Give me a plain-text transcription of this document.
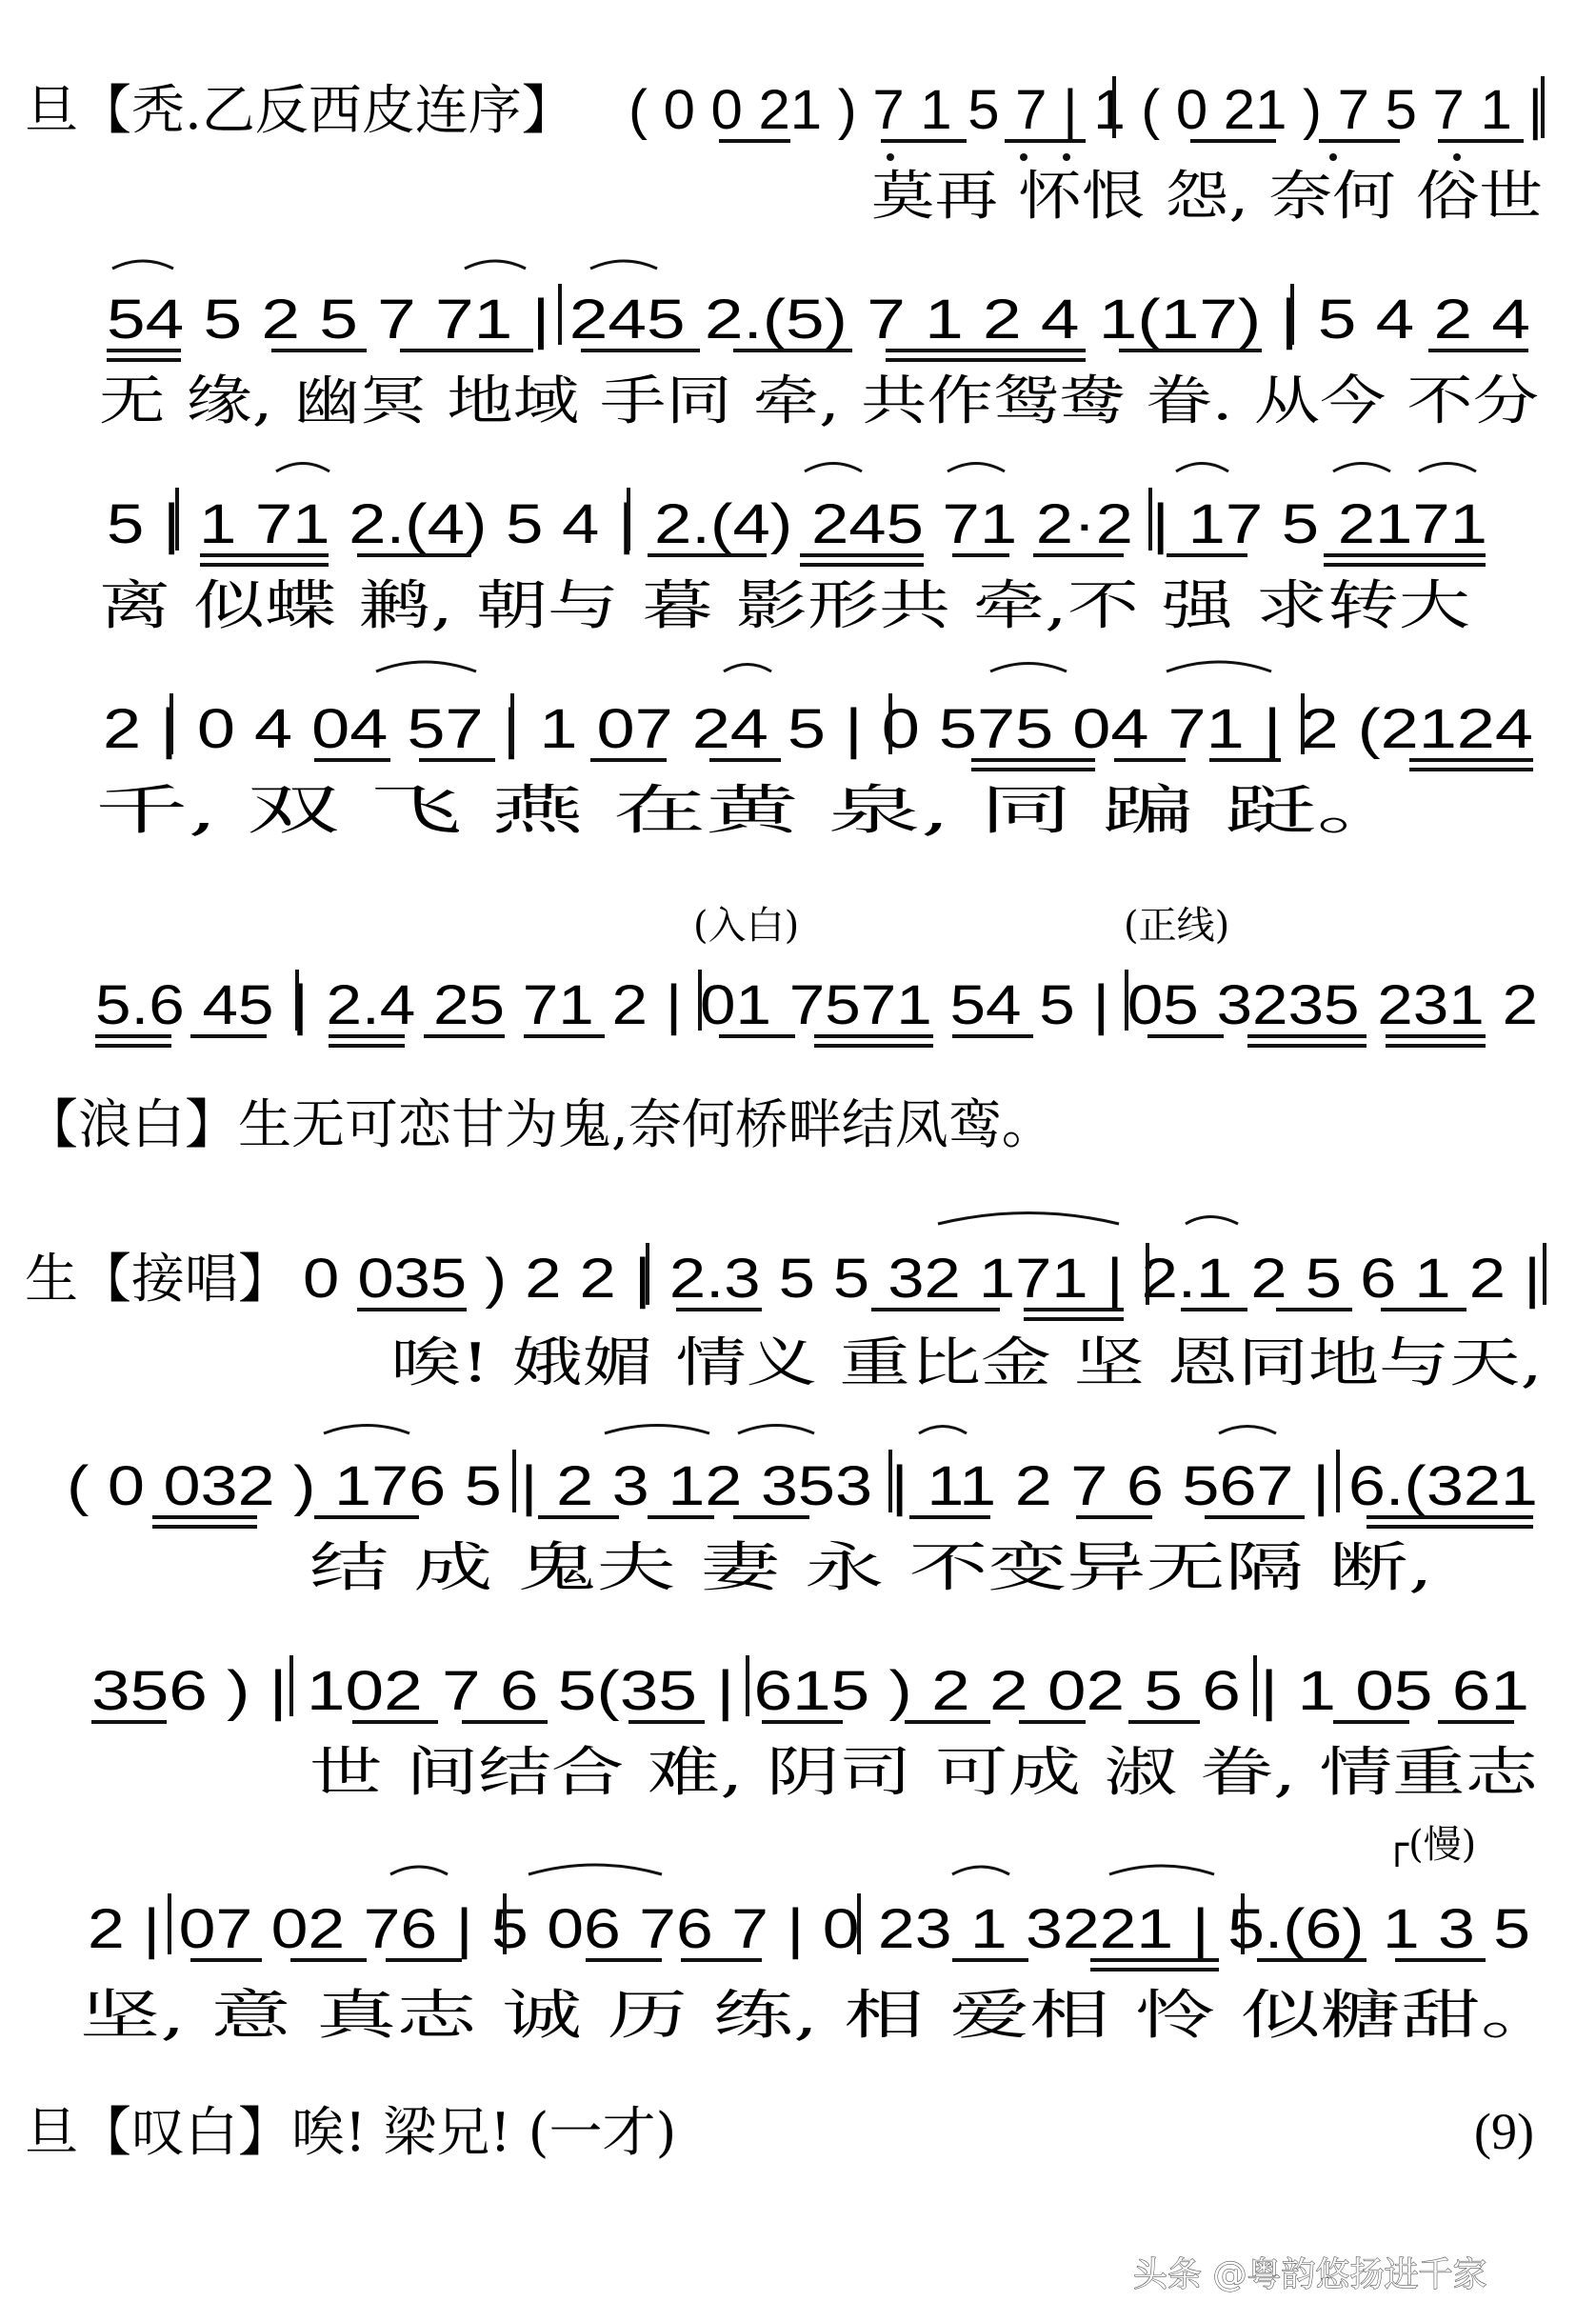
旦【秃.乙反西皮连序】 ( 0 0 21 ) 7 1 5 7 | 1 ( 0 21 ) 7 5 7 1 |
莫再 怀恨 怨, 奈何 俗世
54 5 2 5 7 71 | 245 2.(5) 7 1 2 4 1(17) | 5 4 2 4
无 缘, 幽冥 地域 手同 牵, 共作鸳鸯 眷. 从今 不分
5 | 1 71 2.(4) 5 4 | 2.(4) 245 71 2·2 | 17 5 2171
离 似蝶 鹣, 朝与 暮 影形共 牵,不 强 求转大
2 | 0 4 04 57 | 1 07 24 5 | 0 575 04 71 | 2 (2124
千, 双 飞 燕 在黄 泉, 同 蹁 跹。
(入白)	(正线)
5.6 45 | 2.4 25 71 2 | 01 7571 54 5 | 05 3235 231 2
【浪白】生无可恋甘为鬼,奈何桥畔结凤鸾。
生【接唱】 0 035 ) 2 2 | 2.3 5 5 32 171 | 2.1 2 5 6 1 2 |
唉! 娥媚 情义 重比金 坚 恩同地与天,
( 0 032 ) 176 5 | 2 3 12 353 | 11 2 7 6 567 | 6.(321
结 成 鬼夫 妻 永 不变异无隔 断,
356 ) | 102 7 6 5(35 | 615 ) 2 2 02 5 6 | 1 05 61
世 间结合 难, 阴司 可成 淑 眷, 情重志
┌(慢)
2 | 07 02 76 | 5 06 76 7 | 0 23 1 3221 | 5.(6) 1 3 5
坚, 意 真志 诚 历 练, 相 爱相 怜 似糖甜。
旦【叹白】唉! 梁兄! (一才)	(9)
头条 @粤韵悠扬进千家
